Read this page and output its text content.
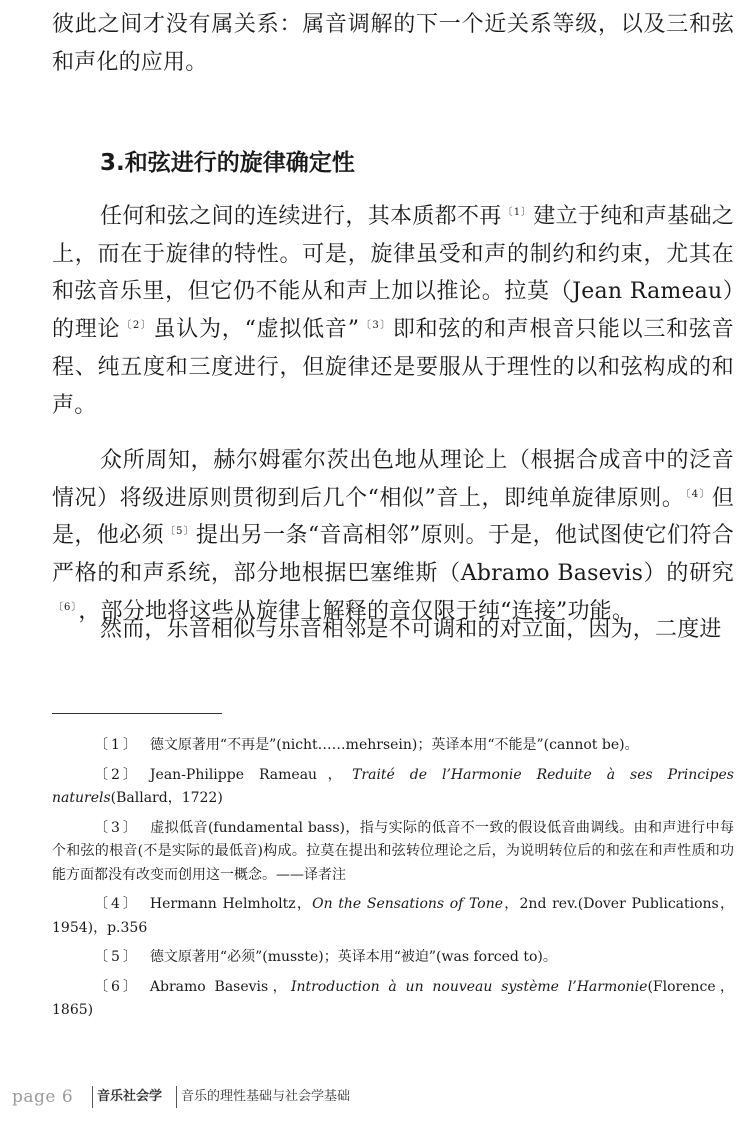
彼此之间才没有属关系：属音调解的下一个近关系等级，以及三和弦和声化的应用。

3.和弦进行的旋律确定性

任何和弦之间的连续进行，其本质都不再$^{〔1〕}$建立于纯和声基础之上，而在于旋律的特性。可是，旋律虽受和声的制约和约束，尤其在和弦音乐里，但它仍不能从和声上加以推论。拉莫（Jean Rameau）的理论$^{〔2〕}$虽认为，“虚拟低音”$^{〔3〕}$即和弦的和声根音只能以三和弦音程、纯五度和三度进行，但旋律还是要服从于理性的以和弦构成的和声。

众所周知，赫尔姆霍尔茨出色地从理论上（根据合成音中的泛音情况）将级进原则贯彻到后几个“相似”音上，即纯单旋律原则。$^{〔4〕}$但是，他必须$^{〔5〕}$提出另一条“音高相邻”原则。于是，他试图使它们符合严格的和声系统，部分地根据巴塞维斯（Abramo Basevis）的研究$^{〔6〕}$，部分地将这些从旋律上解释的音仅限于纯“连接”功能。

然而，乐音相似与乐音相邻是不可调和的对立面，因为，二度进

〔1〕 德文原著用“不再是”(nicht……mehrsein)；英译本用“不能是”(cannot be)。
〔2〕 Jean-Philippe Rameau，Traité de l’Harmonie Reduite à ses Principes naturels(Ballard，1722)
〔3〕 虚拟低音(fundamental bass)，指与实际的低音不一致的假设低音曲调线。由和声进行中每个和弦的根音(不是实际的最低音)构成。拉莫在提出和弦转位理论之后，为说明转位后的和弦在和声性质和功能方面都没有改变而创用这一概念。——译者注
〔4〕 Hermann Helmholtz，On the Sensations of Tone，2nd rev.(Dover Publications，1954)，p.356
〔5〕 德文原著用“必须”(musste)；英译本用“被迫”(was forced to)。
〔6〕 Abramo Basevis，Introduction à un nouveau système l’Harmonie(Florence，1865)
page 6	音乐社会学	音乐的理性基础与社会学基础
